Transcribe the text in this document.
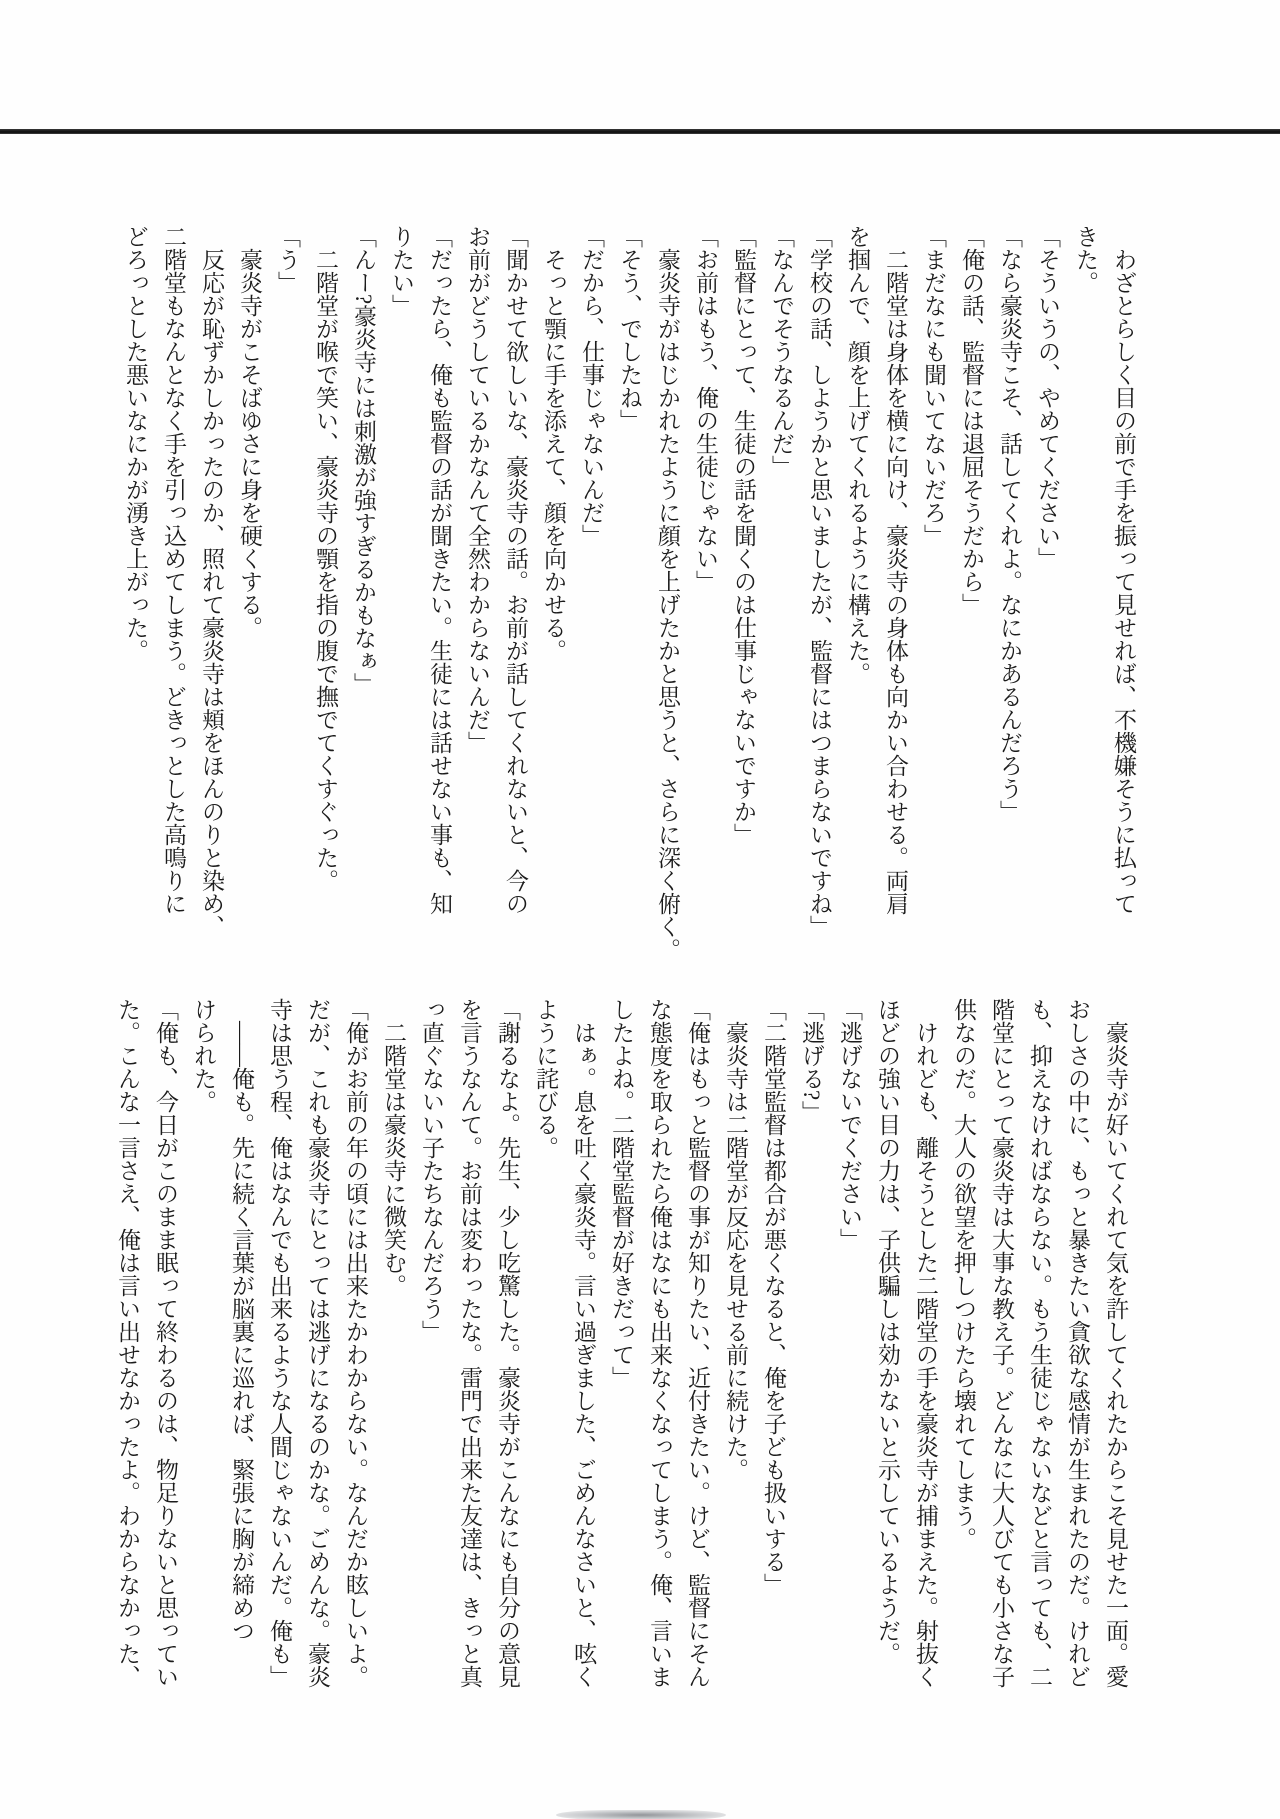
わざとらしく目の前で手を振って見せれば、不機嫌そうに払って
きた。
「そういうの、やめてください」
「なら豪炎寺こそ、話してくれよ。なにかあるんだろう」
「俺の話、監督には退屈そうだから」
「まだなにも聞いてないだろ」
二階堂は身体を横に向け、豪炎寺の身体も向かい合わせる。両肩
を掴んで、顔を上げてくれるように構えた。
「学校の話、しようかと思いましたが、監督にはつまらないですね」
「なんでそうなるんだ」
「監督にとって、生徒の話を聞くのは仕事じゃないですか」
「お前はもう、俺の生徒じゃない」
豪炎寺がはじかれたように顔を上げたかと思うと、さらに深く俯く。
「そう、でしたね」
「だから、仕事じゃないんだ」
そっと顎に手を添えて、顔を向かせる。
「聞かせて欲しいな、豪炎寺の話。お前が話してくれないと、今の
お前がどうしているかなんて全然わからないんだ」
「だったら、俺も監督の話が聞きたい。生徒には話せない事も、知
りたい」
「んー?豪炎寺には刺激が強すぎるかもなぁ」
二階堂が喉で笑い、豪炎寺の顎を指の腹で撫でてくすぐった。
「う」
豪炎寺がこそばゆさに身を硬くする。
反応が恥ずかしかったのか、照れて豪炎寺は頬をほんのりと染め、
二階堂もなんとなく手を引っ込めてしまう。どきっとした高鳴りに
どろっとした悪いなにかが湧き上がった。
豪炎寺が好いてくれて気を許してくれたからこそ見せた一面。愛
おしさの中に、もっと暴きたい貪欲な感情が生まれたのだ。けれど
も、抑えなければならない。もう生徒じゃないなどと言っても、二
階堂にとって豪炎寺は大事な教え子。どんなに大人びても小さな子
供なのだ。大人の欲望を押しつけたら壊れてしまう。
けれども、離そうとした二階堂の手を豪炎寺が捕まえた。射抜く
ほどの強い目の力は、子供騙しは効かないと示しているようだ。
「逃げないでください」
「逃げる?」
「二階堂監督は都合が悪くなると、俺を子ども扱いする」
豪炎寺は二階堂が反応を見せる前に続けた。
「俺はもっと監督の事が知りたい、近付きたい。けど、監督にそん
な態度を取られたら俺はなにも出来なくなってしまう。俺、言いま
したよね。二階堂監督が好きだって」
はぁ。息を吐く豪炎寺。言い過ぎました、ごめんなさいと、呟く
ように詫びる。
「謝るなよ。先生、少し吃驚した。豪炎寺がこんなにも自分の意見
を言うなんて。お前は変わったな。雷門で出来た友達は、きっと真
っ直ぐないい子たちなんだろう」
二階堂は豪炎寺に微笑む。
「俺がお前の年の頃には出来たかわからない。なんだか眩しいよ。
だが、これも豪炎寺にとっては逃げになるのかな。ごめんな。豪炎
寺は思う程、俺はなんでも出来るような人間じゃないんだ。俺も」
――俺も。先に続く言葉が脳裏に巡れば、緊張に胸が締めつ
けられた。
「俺も、今日がこのまま眠って終わるのは、物足りないと思ってい
た。こんな一言さえ、俺は言い出せなかったよ。わからなかった、
